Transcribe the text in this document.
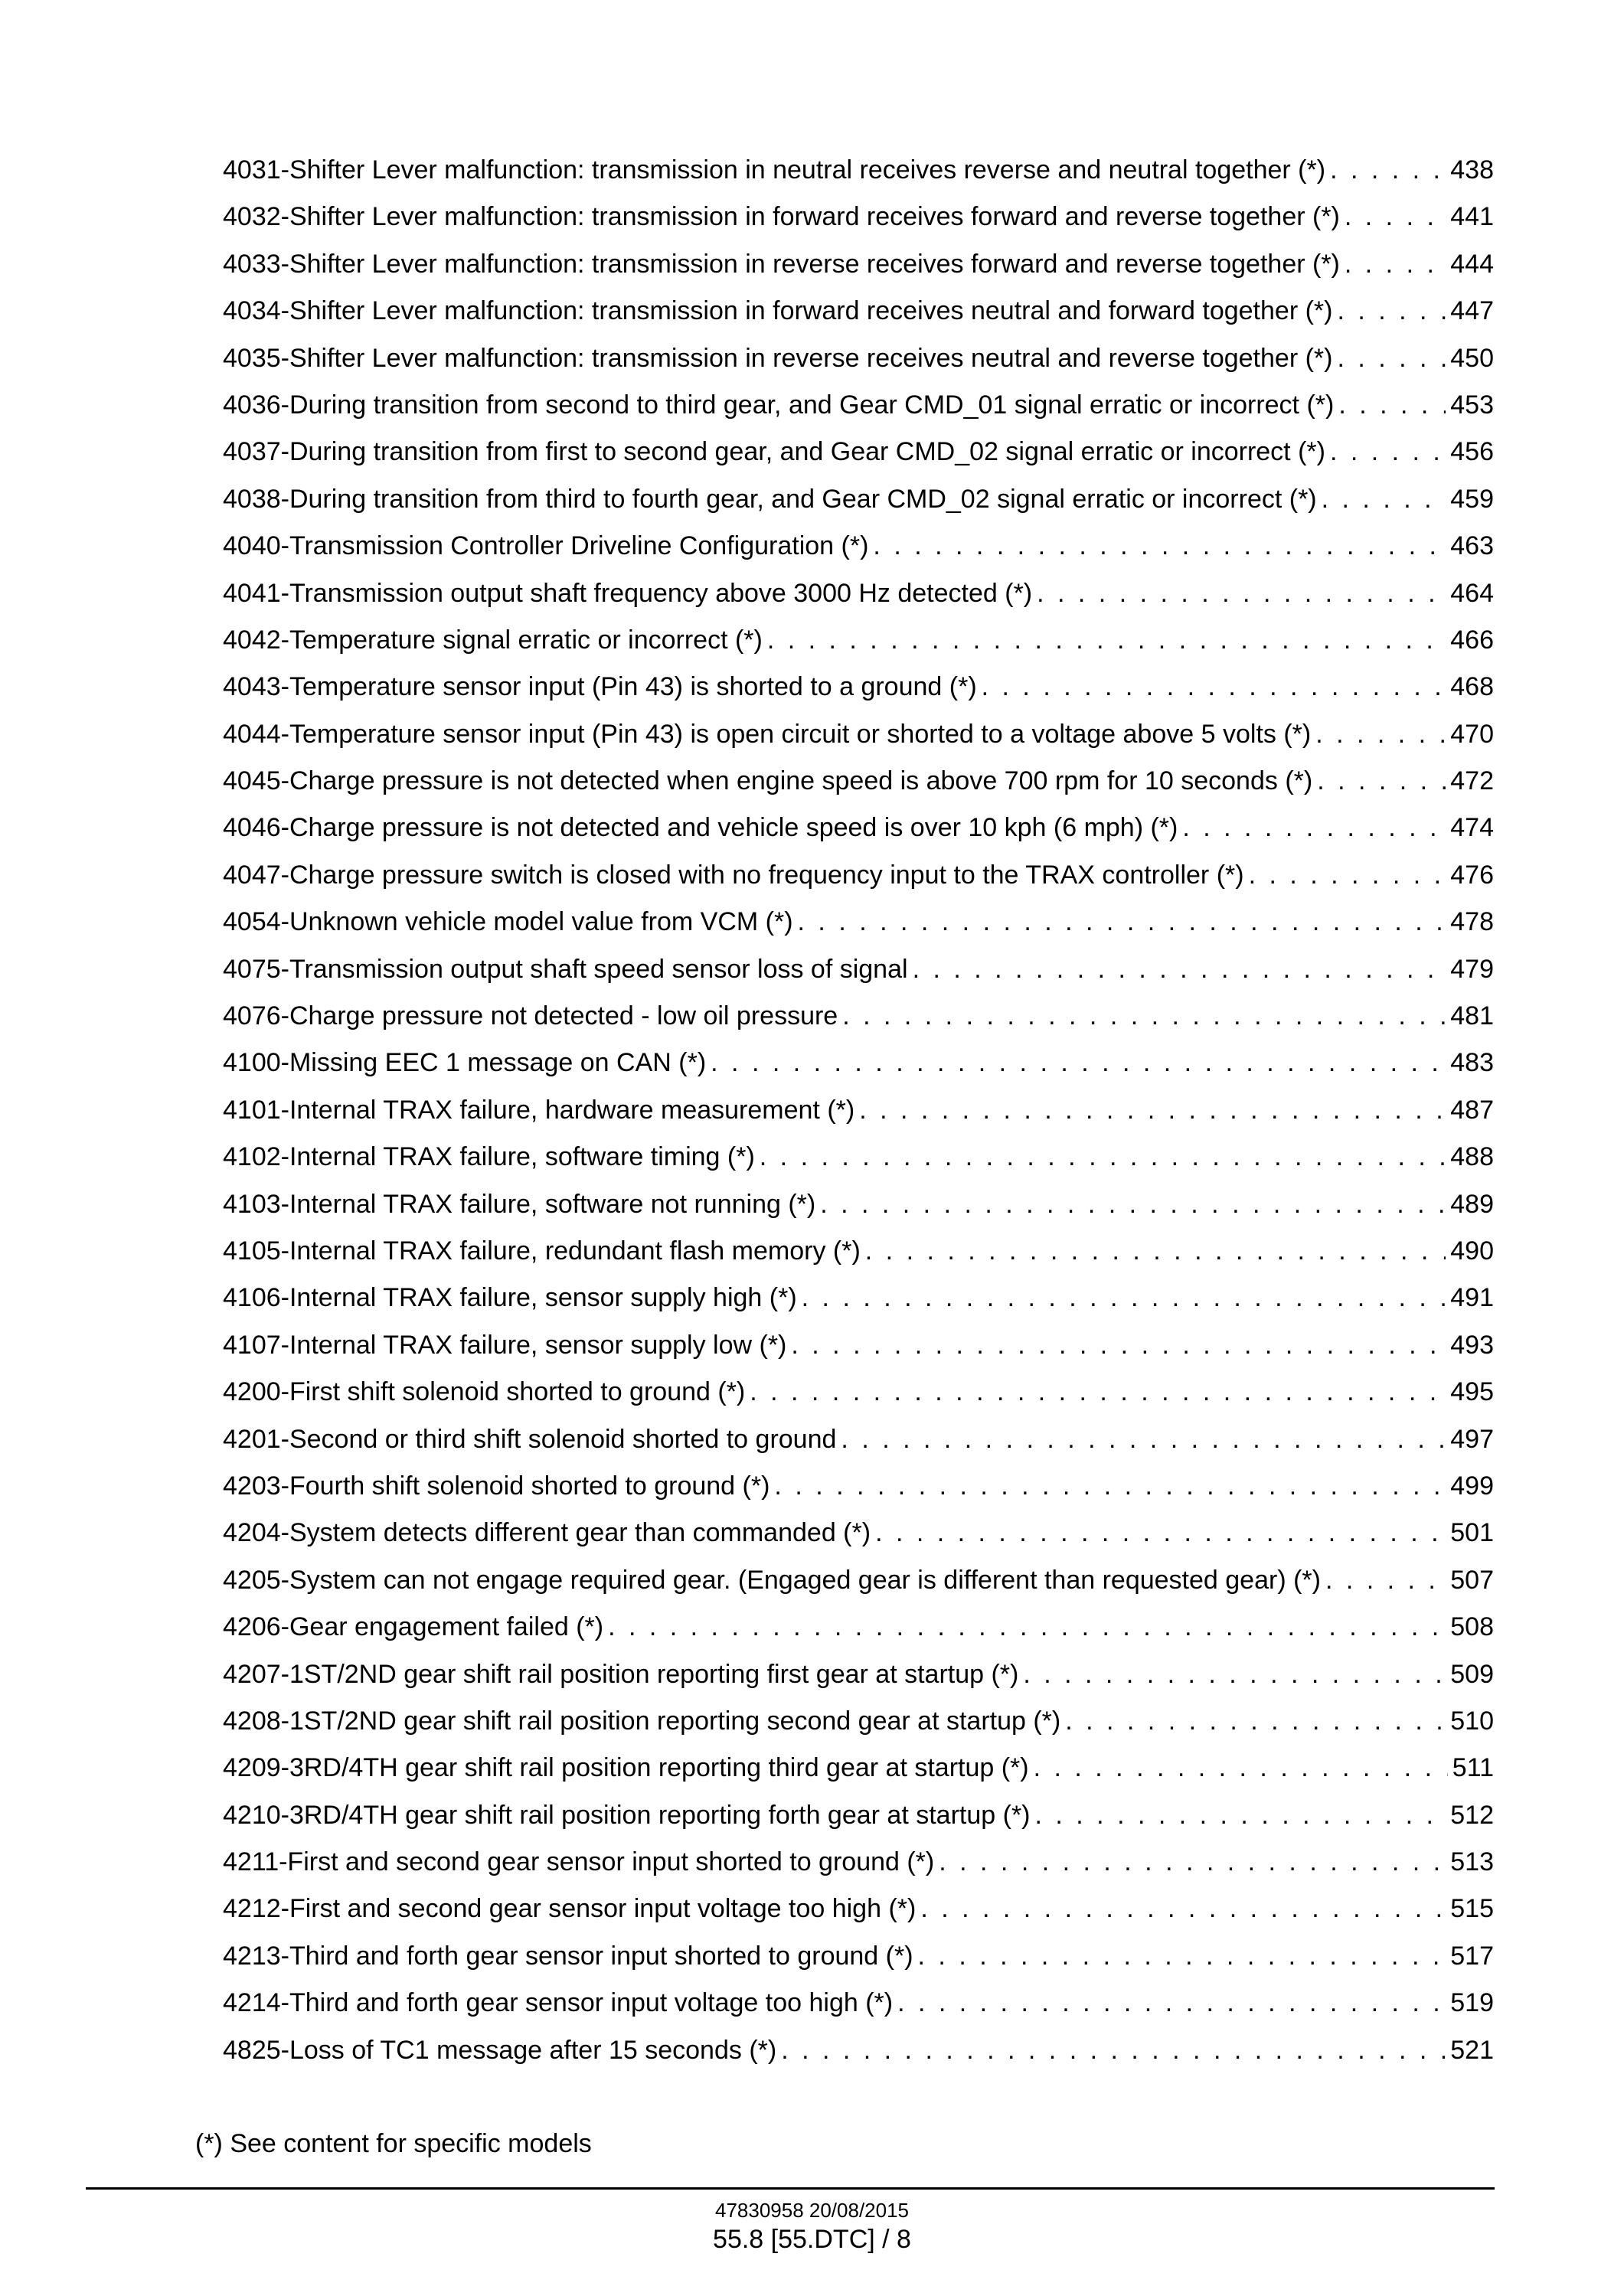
4031-Shifter Lever malfunction: transmission in neutral receives reverse and neutral together (*) . . .	438
4032-Shifter Lever malfunction: transmission in forward receives forward and reverse together (*) . . .	441
4033-Shifter Lever malfunction: transmission in reverse receives forward and reverse together (*) . . .	444
4034-Shifter Lever malfunction: transmission in forward receives neutral and forward together (*) . . .	447
4035-Shifter Lever malfunction: transmission in reverse receives neutral and reverse together (*) . . .	450
4036-During transition from second to third gear, and Gear CMD_01 signal erratic or incorrect (*) . . .	453
4037-During transition from first to second gear, and Gear CMD_02 signal erratic or incorrect (*) . . .	456
4038-During transition from third to fourth gear, and Gear CMD_02 signal erratic or incorrect (*) . . .	459
4040-Transmission Controller Driveline Configuration (*) . . .	463
4041-Transmission output shaft frequency above 3000 Hz detected (*) . . .	464
4042-Temperature signal erratic or incorrect (*) . . .	466
4043-Temperature sensor input (Pin 43) is shorted to a ground (*) . . .	468
4044-Temperature sensor input (Pin 43) is open circuit or shorted to a voltage above 5 volts (*) . . .	470
4045-Charge pressure is not detected when engine speed is above 700 rpm for 10 seconds (*) . . .	472
4046-Charge pressure is not detected and vehicle speed is over 10 kph (6 mph) (*) . . .	474
4047-Charge pressure switch is closed with no frequency input to the TRAX controller (*) . . .	476
4054-Unknown vehicle model value from VCM (*) . . .	478
4075-Transmission output shaft speed sensor loss of signal . . .	479
4076-Charge pressure not detected - low oil pressure . . .	481
4100-Missing EEC 1 message on CAN (*) . . .	483
4101-Internal TRAX failure, hardware measurement (*) . . .	487
4102-Internal TRAX failure, software timing (*) . . .	488
4103-Internal TRAX failure, software not running (*) . . .	489
4105-Internal TRAX failure, redundant flash memory (*) . . .	490
4106-Internal TRAX failure, sensor supply high (*) . . .	491
4107-Internal TRAX failure, sensor supply low (*) . . .	493
4200-First shift solenoid shorted to ground (*) . . .	495
4201-Second or third shift solenoid shorted to ground . . .	497
4203-Fourth shift solenoid shorted to ground (*) . . .	499
4204-System detects different gear than commanded (*) . . .	501
4205-System can not engage required gear. (Engaged gear is different than requested gear) (*) . . .	507
4206-Gear engagement failed (*) . . .	508
4207-1ST/2ND gear shift rail position reporting first gear at startup (*) . . .	509
4208-1ST/2ND gear shift rail position reporting second gear at startup (*) . . .	510
4209-3RD/4TH gear shift rail position reporting third gear at startup (*) . . .	511
4210-3RD/4TH gear shift rail position reporting forth gear at startup (*) . . .	512
4211-First and second gear sensor input shorted to ground (*) . . .	513
4212-First and second gear sensor input voltage too high (*) . . .	515
4213-Third and forth gear sensor input shorted to ground (*) . . .	517
4214-Third and forth gear sensor input voltage too high (*) . . .	519
4825-Loss of TC1 message after 15 seconds (*) . . .	521
(*) See content for specific models
47830958 20/08/2015
55.8 [55.DTC] / 8
